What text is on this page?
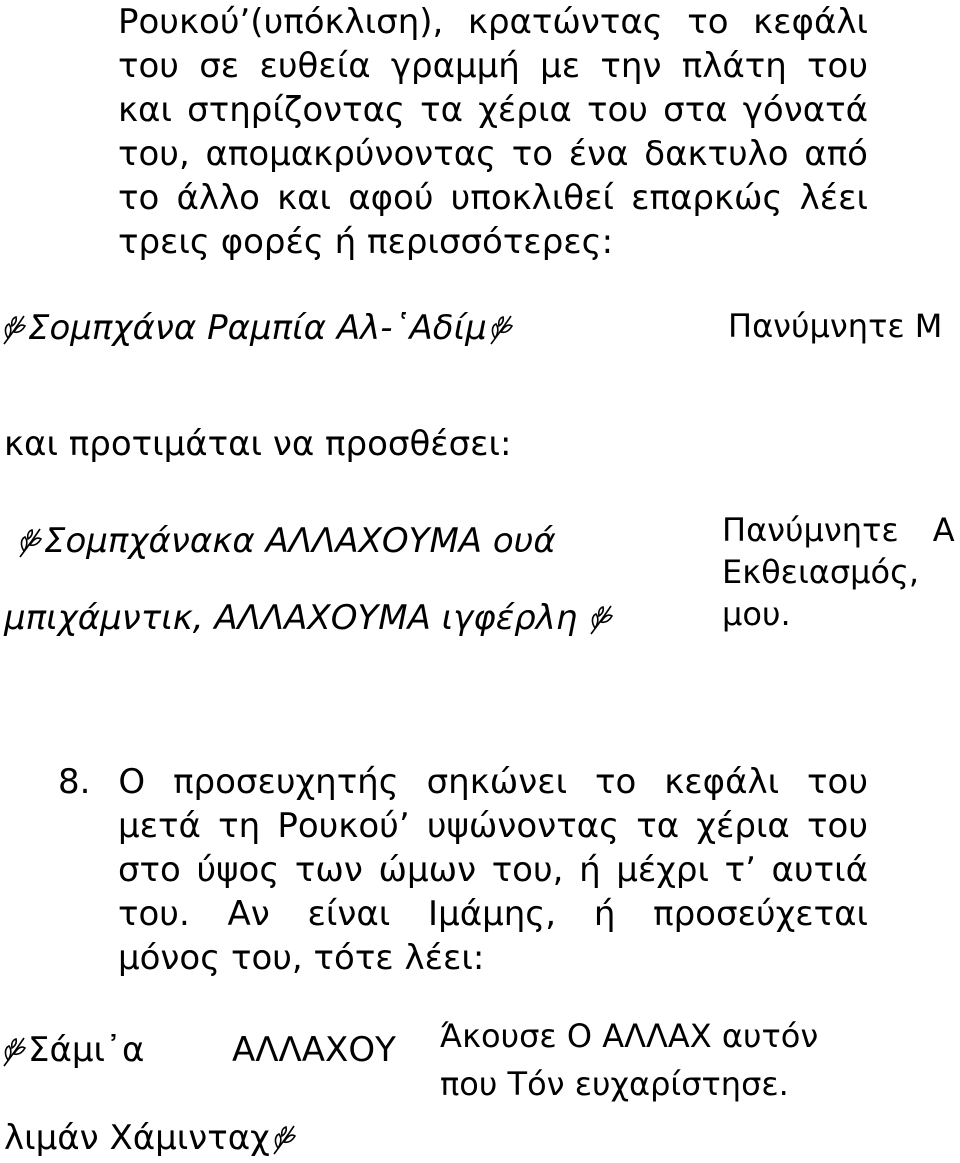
Ρουκού’(υπόκλιση), κρατώντας το κεφάλι
του σε ευθεία γραμμή με την πλάτη του
και στηρίζοντας τα χέρια του στα γόνατά
του, απομακρύνοντας το ένα δακτυλο από
το άλλο και αφού υποκλιθεί επαρκώς λέει
τρεις φορές ή περισσότερες:
Σομπχάνα Ραμπία Αλ-῾Αδίμ	Πανύμνητε Μ
και προτιμάται να προσθέσει:
Σομπχάνακα ΑΛΛΑΧΟΥΜΑ ουά
μπιχάμντικ, ΑΛΛΑΧΟΥΜΑ ιγφέρλη
Πανύμνητε Α
Εκθειασμός,
μου.
8. Ο προσευχητής σηκώνει το κεφάλι του
μετά τη Ρουκού’ υψώνοντας τα χέρια του
στο ύψος των ώμων του, ή μέχρι τ’ αυτιά
του. Αν είναι Ιμάμης, ή προσεύχεται
μόνος του, τότε λέει:
Σάμι᾽α	ΑΛΛΑΧΟΥ
λιμάν Χάμινταχ
Άκουσε Ο ΑΛΛΑΧ αυτόν
που Τόν ευχαρίστησε.
